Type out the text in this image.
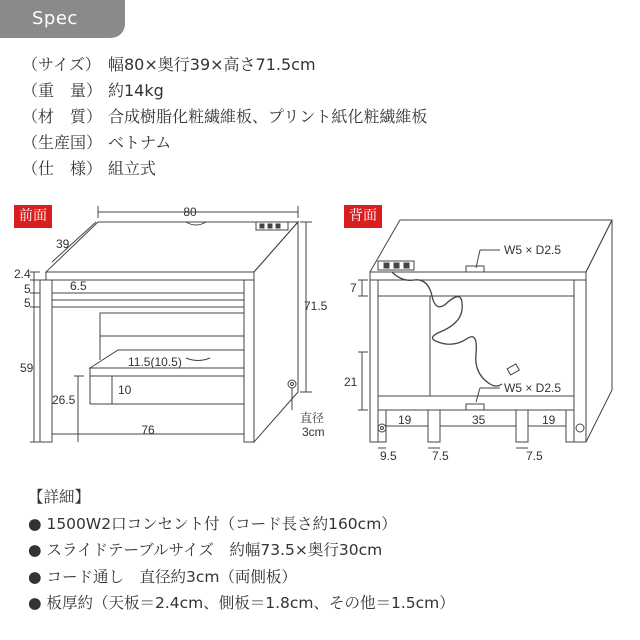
Spec
（サイズ） 幅80×奥行39×高さ71.5cm
（重　量） 約14kg
（材　質） 合成樹脂化粧繊維板、プリント紙化粧繊維板
（生産国） ベトナム
（仕　様） 組立式
80
39
2.4
5
5
6.5
71.5
59	11.5(10.5)
10
26.5
76
直径
3cm
W5 × D2.5
W5 × D2.5
7
21
19	35	19
9.5	7.5	7.5
前面	背面
【詳細】
● 1500W2口コンセント付（コード長さ約160cm）
● スライドテーブルサイズ　約幅73.5×奥行30cm
● コード通し　直径約3cm（両側板）
● 板厚約（天板＝2.4cm、側板＝1.8cm、その他＝1.5cm）
